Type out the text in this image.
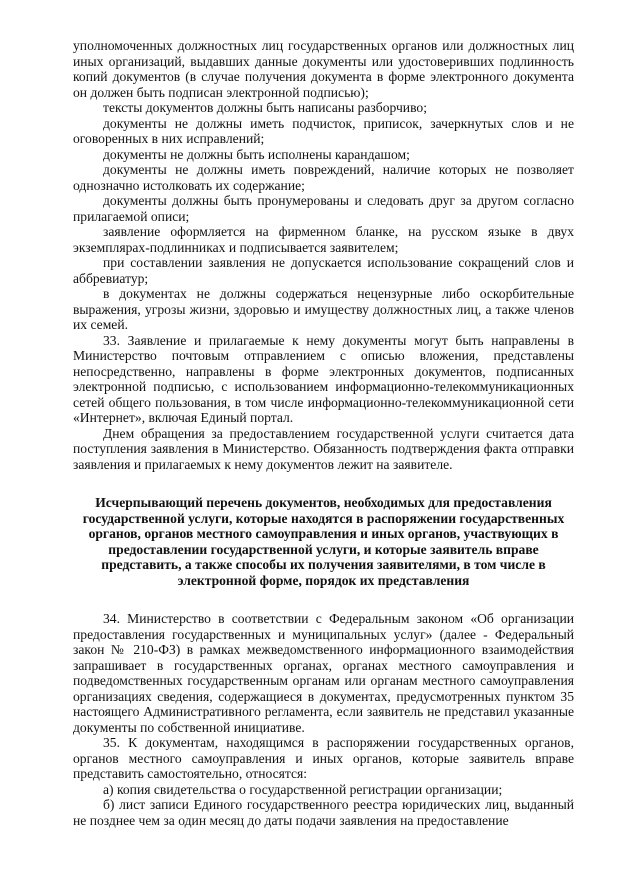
уполномоченных должностных лиц государственных органов или должностных лиц иных организаций, выдавших данные документы или удостоверивших подлинность копий документов (в случае получения документа в форме электронного документа он должен быть подписан электронной подписью);

тексты документов должны быть написаны разборчиво;

документы не должны иметь подчисток, приписок, зачеркнутых слов и не оговоренных в них исправлений;

документы не должны быть исполнены карандашом;

документы не должны иметь повреждений, наличие которых не позволяет однозначно истолковать их содержание;

документы должны быть пронумерованы и следовать друг за другом согласно прилагаемой описи;

заявление оформляется на фирменном бланке, на русском языке в двух экземплярах-подлинниках и подписывается заявителем;

при составлении заявления не допускается использование сокращений слов и аббревиатур;

в документах не должны содержаться нецензурные либо оскорбительные выражения, угрозы жизни, здоровью и имуществу должностных лиц, а также членов их семей.

33. Заявление и прилагаемые к нему документы могут быть направлены в Министерство почтовым отправлением с описью вложения, представлены непосредственно, направлены в форме электронных документов, подписанных электронной подписью, с использованием информационно-телекоммуникационных сетей общего пользования, в том числе информационно-телекоммуникационной сети «Интернет», включая Единый портал.

Днем обращения за предоставлением государственной услуги считается дата поступления заявления в Министерство. Обязанность подтверждения факта отправки заявления и прилагаемых к нему документов лежит на заявителе.

Исчерпывающий перечень документов, необходимых для предоставления государственной услуги, которые находятся в распоряжении государственных органов, органов местного самоуправления и иных органов, участвующих в предоставлении государственной услуги, и которые заявитель вправе представить, а также способы их получения заявителями, в том числе в электронной форме, порядок их представления

34. Министерство в соответствии с Федеральным законом «Об организации предоставления государственных и муниципальных услуг» (далее - Федеральный закон № 210-ФЗ) в рамках межведомственного информационного взаимодействия запрашивает в государственных органах, органах местного самоуправления и подведомственных государственным органам или органам местного самоуправления организациях сведения, содержащиеся в документах, предусмотренных пунктом 35 настоящего Административного регламента, если заявитель не представил указанные документы по собственной инициативе.

35. К документам, находящимся в распоряжении государственных органов, органов местного самоуправления и иных органов, которые заявитель вправе представить самостоятельно, относятся:

а) копия свидетельства о государственной регистрации организации;

б) лист записи Единого государственного реестра юридических лиц, выданный не позднее чем за один месяц до даты подачи заявления на предоставление
